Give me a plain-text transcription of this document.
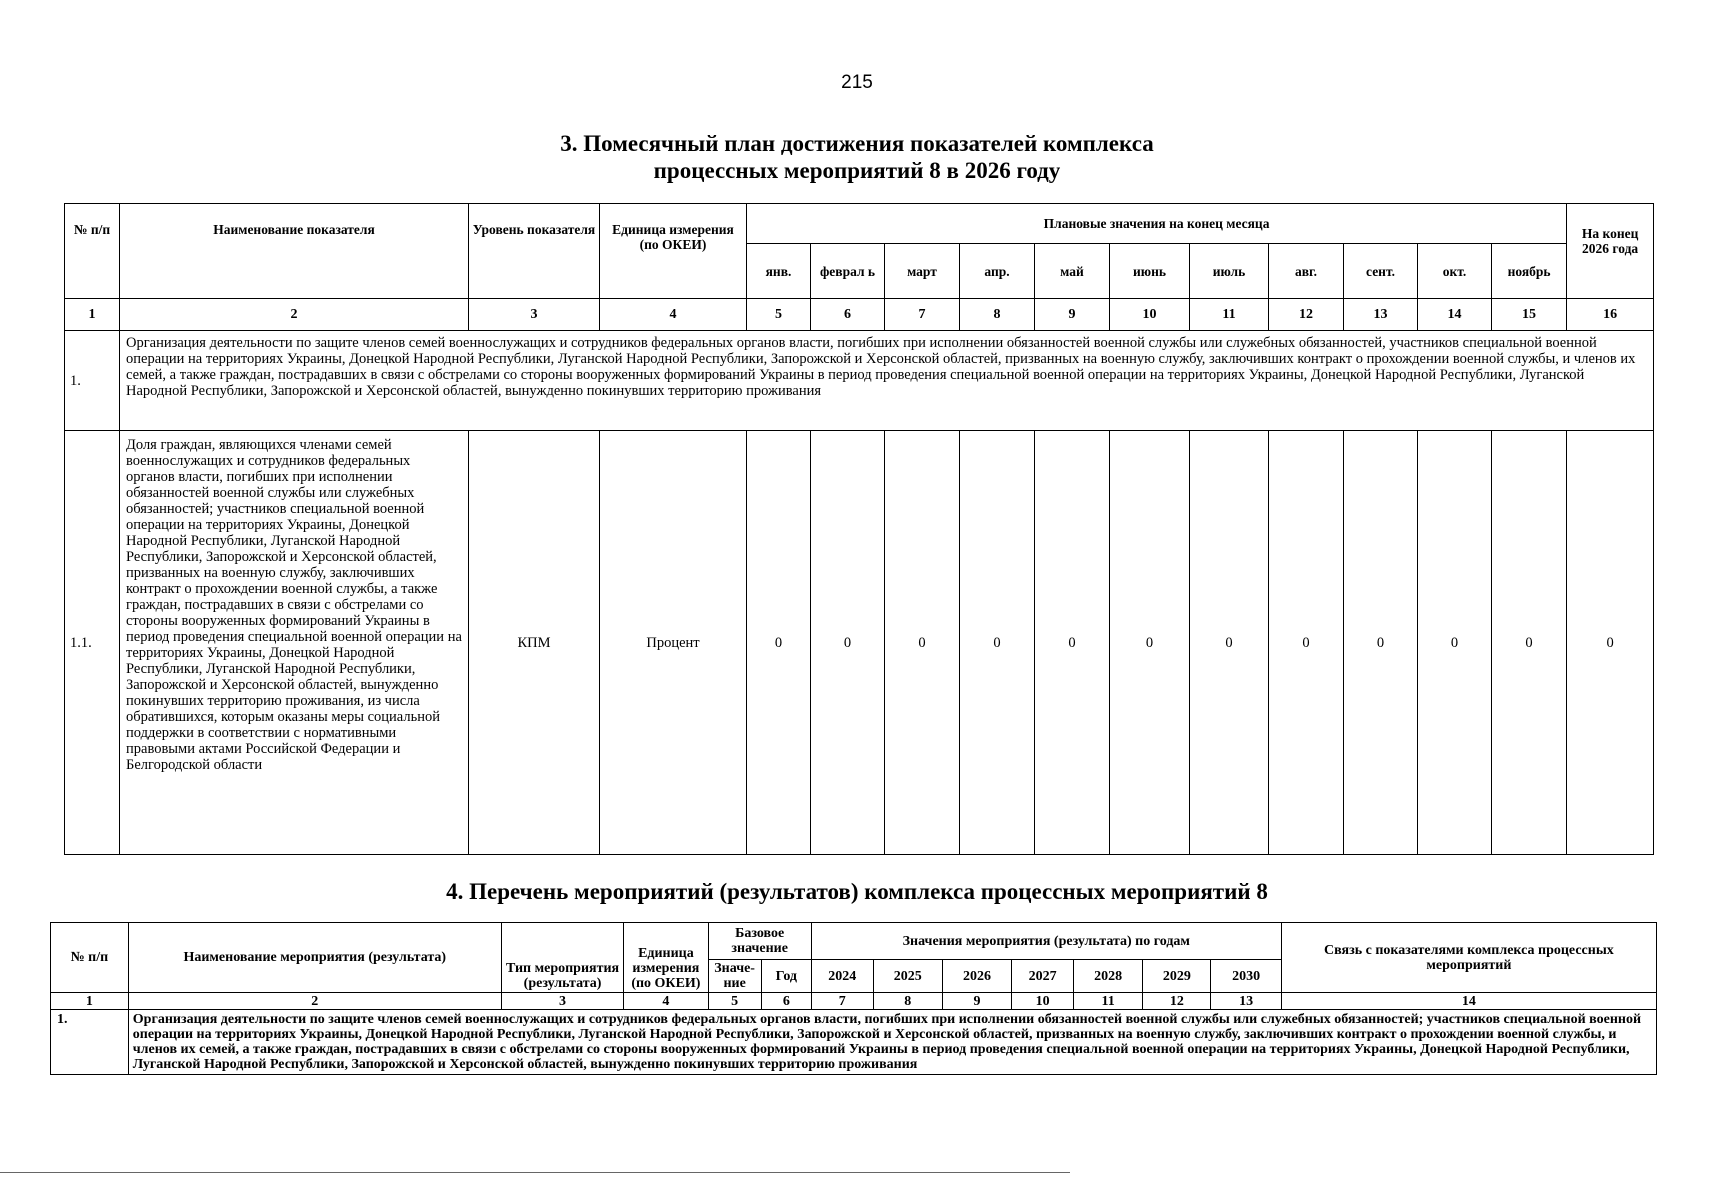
215
3. Помесячный план достижения показателей комплекса
процессных мероприятий 8 в 2026 году
№ п/п	Наименование показателя	Уровень показателя	Единица измерения (по ОКЕИ)	Плановые значения на конец месяца											На конец 2026 года
				янв.	феврал ь	март	апр.	май	июнь	июль	авг.	сент.	окт.	ноябрь	
1	2	3	4	5	6	7	8	9	10	11	12	13	14	15	16
1.	Организация деятельности по защите членов семей военнослужащих и сотрудников федеральных органов власти, погибших при исполнении обязанностей военной службы или служебных обязанностей, участников специальной военной операции на территориях Украины, Донецкой Народной Республики, Луганской Народной Республики, Запорожской и Херсонской областей, призванных на военную службу, заключивших контракт о прохождении военной службы, и членов их семей, а также граждан, пострадавших в связи с обстрелами со стороны вооруженных формирований Украины в период проведения специальной военной операции на территориях Украины, Донецкой Народной Республики, Луганской Народной Республики, Запорожской и Херсонской областей, вынужденно покинувших территорию проживания														
1.1.	Доля граждан, являющихся членами семей военнослужащих и сотрудников федеральных органов власти, погибших при исполнении обязанностей военной службы или служебных обязанностей; участников специальной военной операции на территориях Украины, Донецкой Народной Республики, Луганской Народной Республики, Запорожской и Херсонской областей, призванных на военную службу, заключивших контракт о прохождении военной службы, а также граждан, пострадавших в связи с обстрелами со стороны вооруженных формирований Украины в период проведения специальной военной операции на территориях Украины, Донецкой Народной Республики, Луганской Народной Республики, Запорожской и Херсонской областей, вынужденно покинувших территорию проживания, из числа обратившихся, которым оказаны меры социальной поддержки в соответствии с нормативными правовыми актами Российской Федерации и Белгородской области	КПМ	Процент	0	0	0	0	0	0	0	0	0	0	0	0
4. Перечень мероприятий (результатов) комплекса процессных мероприятий 8
№ п/п	Наименование мероприятия (результата)	Тип мероприятия (результата)	Единица измерения (по ОКЕИ)	Базовое значение		Значения мероприятия (результата) по годам							Связь с показателями комплекса процессных мероприятий
				Значе-ние	Год	2024	2025	2026	2027	2028	2029	2030	
1	2	3	4	5	6	7	8	9	10	11	12	13	14
1.	Организация деятельности по защите членов семей военнослужащих и сотрудников федеральных органов власти, погибших при исполнении обязанностей военной службы или служебных обязанностей; участников специальной военной операции на территориях Украины, Донецкой Народной Республики, Луганской Народной Республики, Запорожской и Херсонской областей, призванных на военную службу, заключивших контракт о прохождении военной службы, и членов их семей, а также граждан, пострадавших в связи с обстрелами со стороны вооруженных формирований Украины в период проведения специальной военной операции на территориях Украины, Донецкой Народной Республики, Луганской Народной Республики, Запорожской и Херсонской областей, вынужденно покинувших территорию проживания												
